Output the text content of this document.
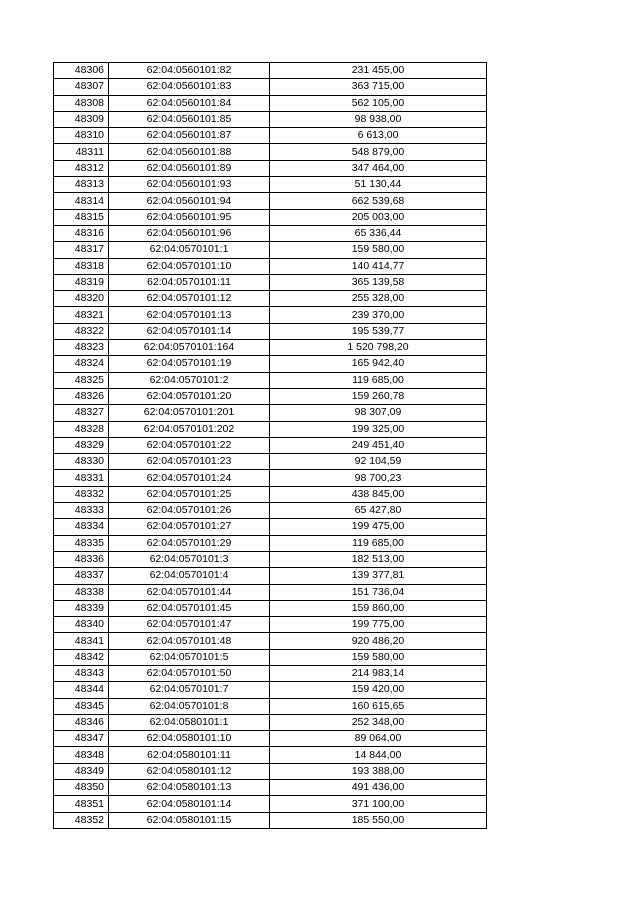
48306	62:04:0560101:82	231 455,00
48307	62:04:0560101:83	363 715,00
48308	62:04:0560101:84	562 105,00
48309	62:04:0560101:85	98 938,00
48310	62:04:0560101:87	6 613,00
48311	62:04:0560101:88	548 879,00
48312	62:04:0560101:89	347 464,00
48313	62:04:0560101:93	51 130,44
48314	62:04:0560101:94	662 539,68
48315	62:04:0560101:95	205 003,00
48316	62:04:0560101:96	65 336,44
48317	62:04:0570101:1	159 580,00
48318	62:04:0570101:10	140 414,77
48319	62:04:0570101:11	365 139,58
48320	62:04:0570101:12	255 328,00
48321	62:04:0570101:13	239 370,00
48322	62:04:0570101:14	195 539,77
48323	62:04:0570101:164	1 520 798,20
48324	62:04:0570101:19	165 942,40
48325	62:04:0570101:2	119 685,00
48326	62:04:0570101:20	159 260,78
48327	62:04:0570101:201	98 307,09
48328	62:04:0570101:202	199 325,00
48329	62:04:0570101:22	249 451,40
48330	62:04:0570101:23	92 104,59
48331	62:04:0570101:24	98 700,23
48332	62:04:0570101:25	438 845,00
48333	62:04:0570101:26	65 427,80
48334	62:04:0570101:27	199 475,00
48335	62:04:0570101:29	119 685,00
48336	62:04:0570101:3	182 513,00
48337	62:04:0570101:4	139 377,81
48338	62:04:0570101:44	151 736,04
48339	62:04:0570101:45	159 860,00
48340	62:04:0570101:47	199 775,00
48341	62:04:0570101:48	920 486,20
48342	62:04:0570101:5	159 580,00
48343	62:04:0570101:50	214 983,14
48344	62:04:0570101:7	159 420,00
48345	62:04:0570101:8	160 615,65
48346	62:04:0580101:1	252 348,00
48347	62:04:0580101:10	89 064,00
48348	62:04:0580101:11	14 844,00
48349	62:04:0580101:12	193 388,00
48350	62:04:0580101:13	491 436,00
48351	62:04:0580101:14	371 100,00
48352	62:04:0580101:15	185 550,00
